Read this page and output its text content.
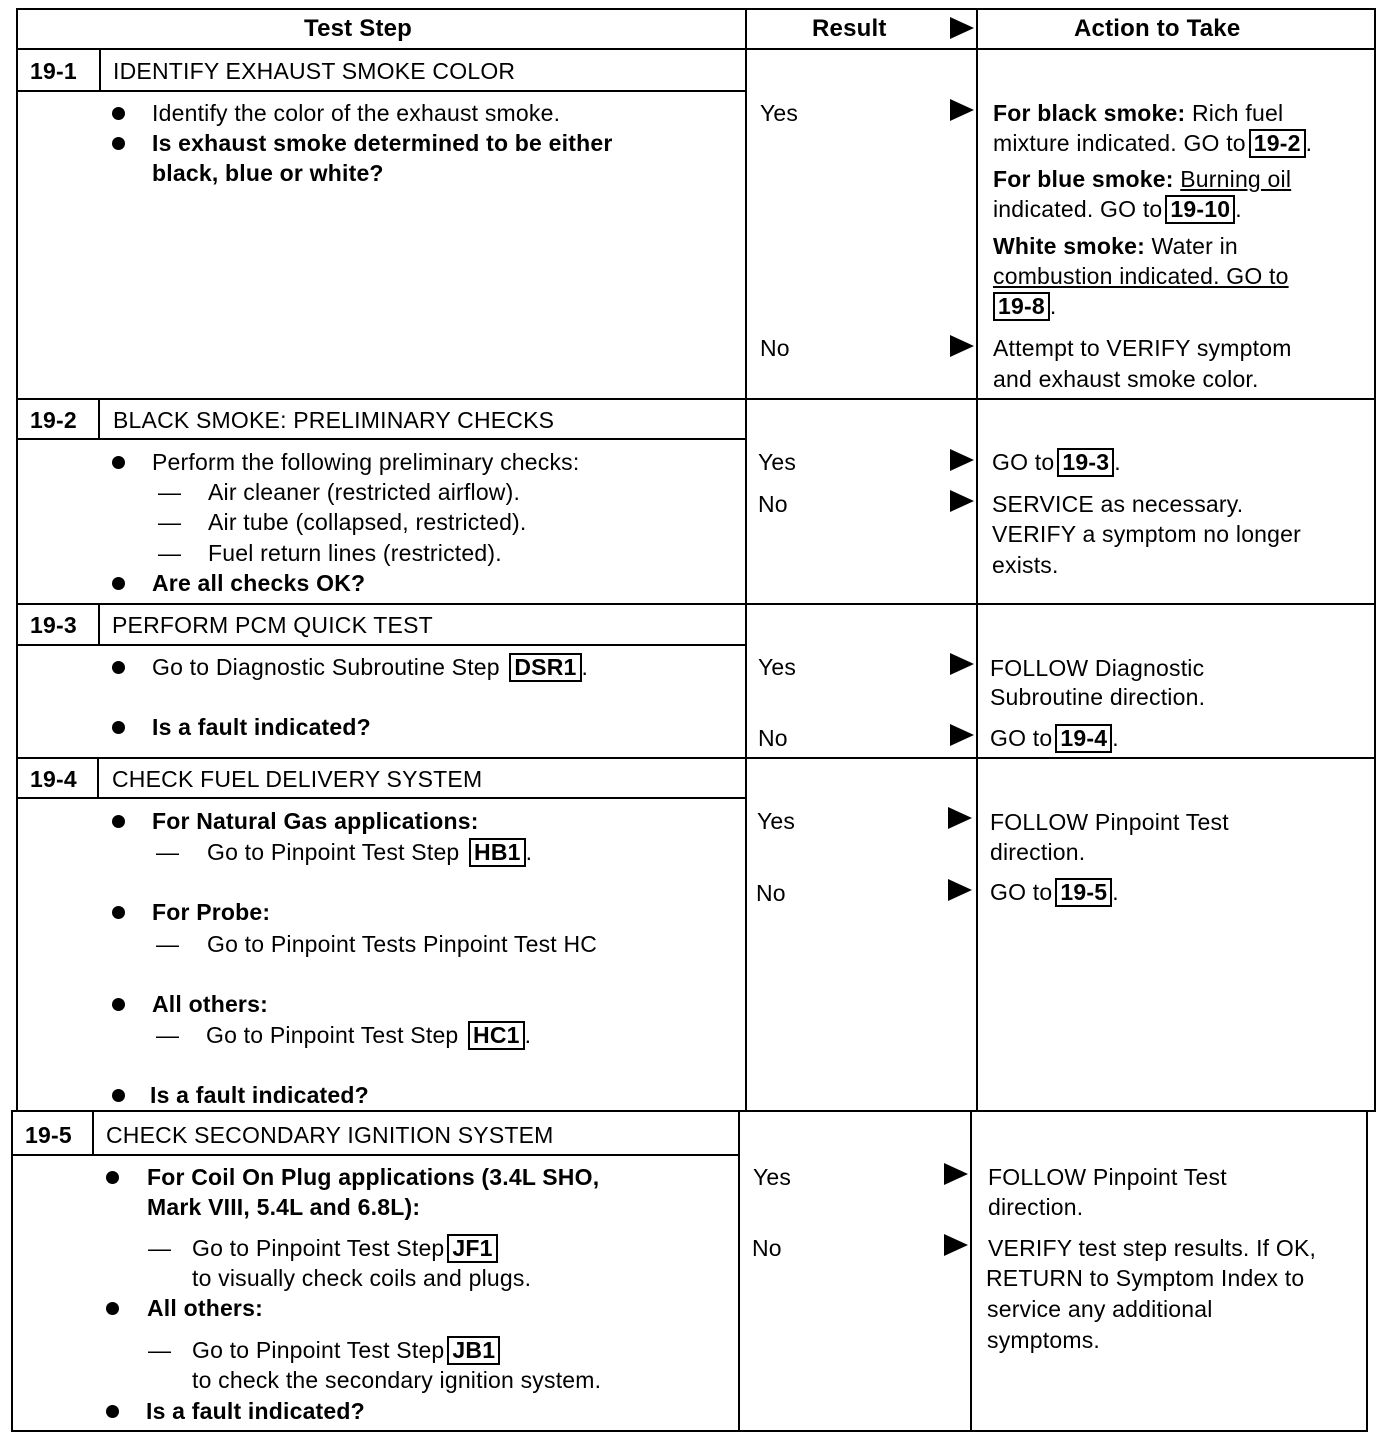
Test Step	Result	Action to Take
19-1 IDENTIFY EXHAUST SMOKE COLOR
Identify the color of the exhaust smoke.
Is exhaust smoke determined to be either
black, blue or white?
Yes
No
For black smoke: Rich fuel
mixture indicated. GO to 19-2 .
For blue smoke: Burning oil
indicated. GO to 19-10 .
White smoke: Water in
combustion indicated. GO to
19-8 .
Attempt to VERIFY symptom
and exhaust smoke color.
19-2 BLACK SMOKE: PRELIMINARY CHECKS
Perform the following preliminary checks:
— Air cleaner (restricted airflow).
— Air tube (collapsed, restricted).
— Fuel return lines (restricted).
Are all checks OK?
Yes
No
GO to 19-3 .
SERVICE as necessary.
VERIFY a symptom no longer
exists.
19-3 PERFORM PCM QUICK TEST
Go to Diagnostic Subroutine Step DSR1 .
Is a fault indicated?
Yes
No
FOLLOW Diagnostic
Subroutine direction.
GO to 19-4 .
19-4 CHECK FUEL DELIVERY SYSTEM
For Natural Gas applications:
— Go to Pinpoint Test Step HB1 .
For Probe:
— Go to Pinpoint Tests Pinpoint Test HC
All others:
— Go to Pinpoint Test Step HC1 .
Is a fault indicated?
Yes
No
FOLLOW Pinpoint Test
direction.
GO to 19-5 .
19-5 CHECK SECONDARY IGNITION SYSTEM
For Coil On Plug applications (3.4L SHO,
Mark VIII, 5.4L and 6.8L):
— Go to Pinpoint Test Step JF1
to visually check coils and plugs.
All others:
— Go to Pinpoint Test Step JB1
to check the secondary ignition system.
Is a fault indicated?
Yes
No
FOLLOW Pinpoint Test
direction.
VERIFY test step results. If OK,
RETURN to Symptom Index to
service any additional
symptoms.
